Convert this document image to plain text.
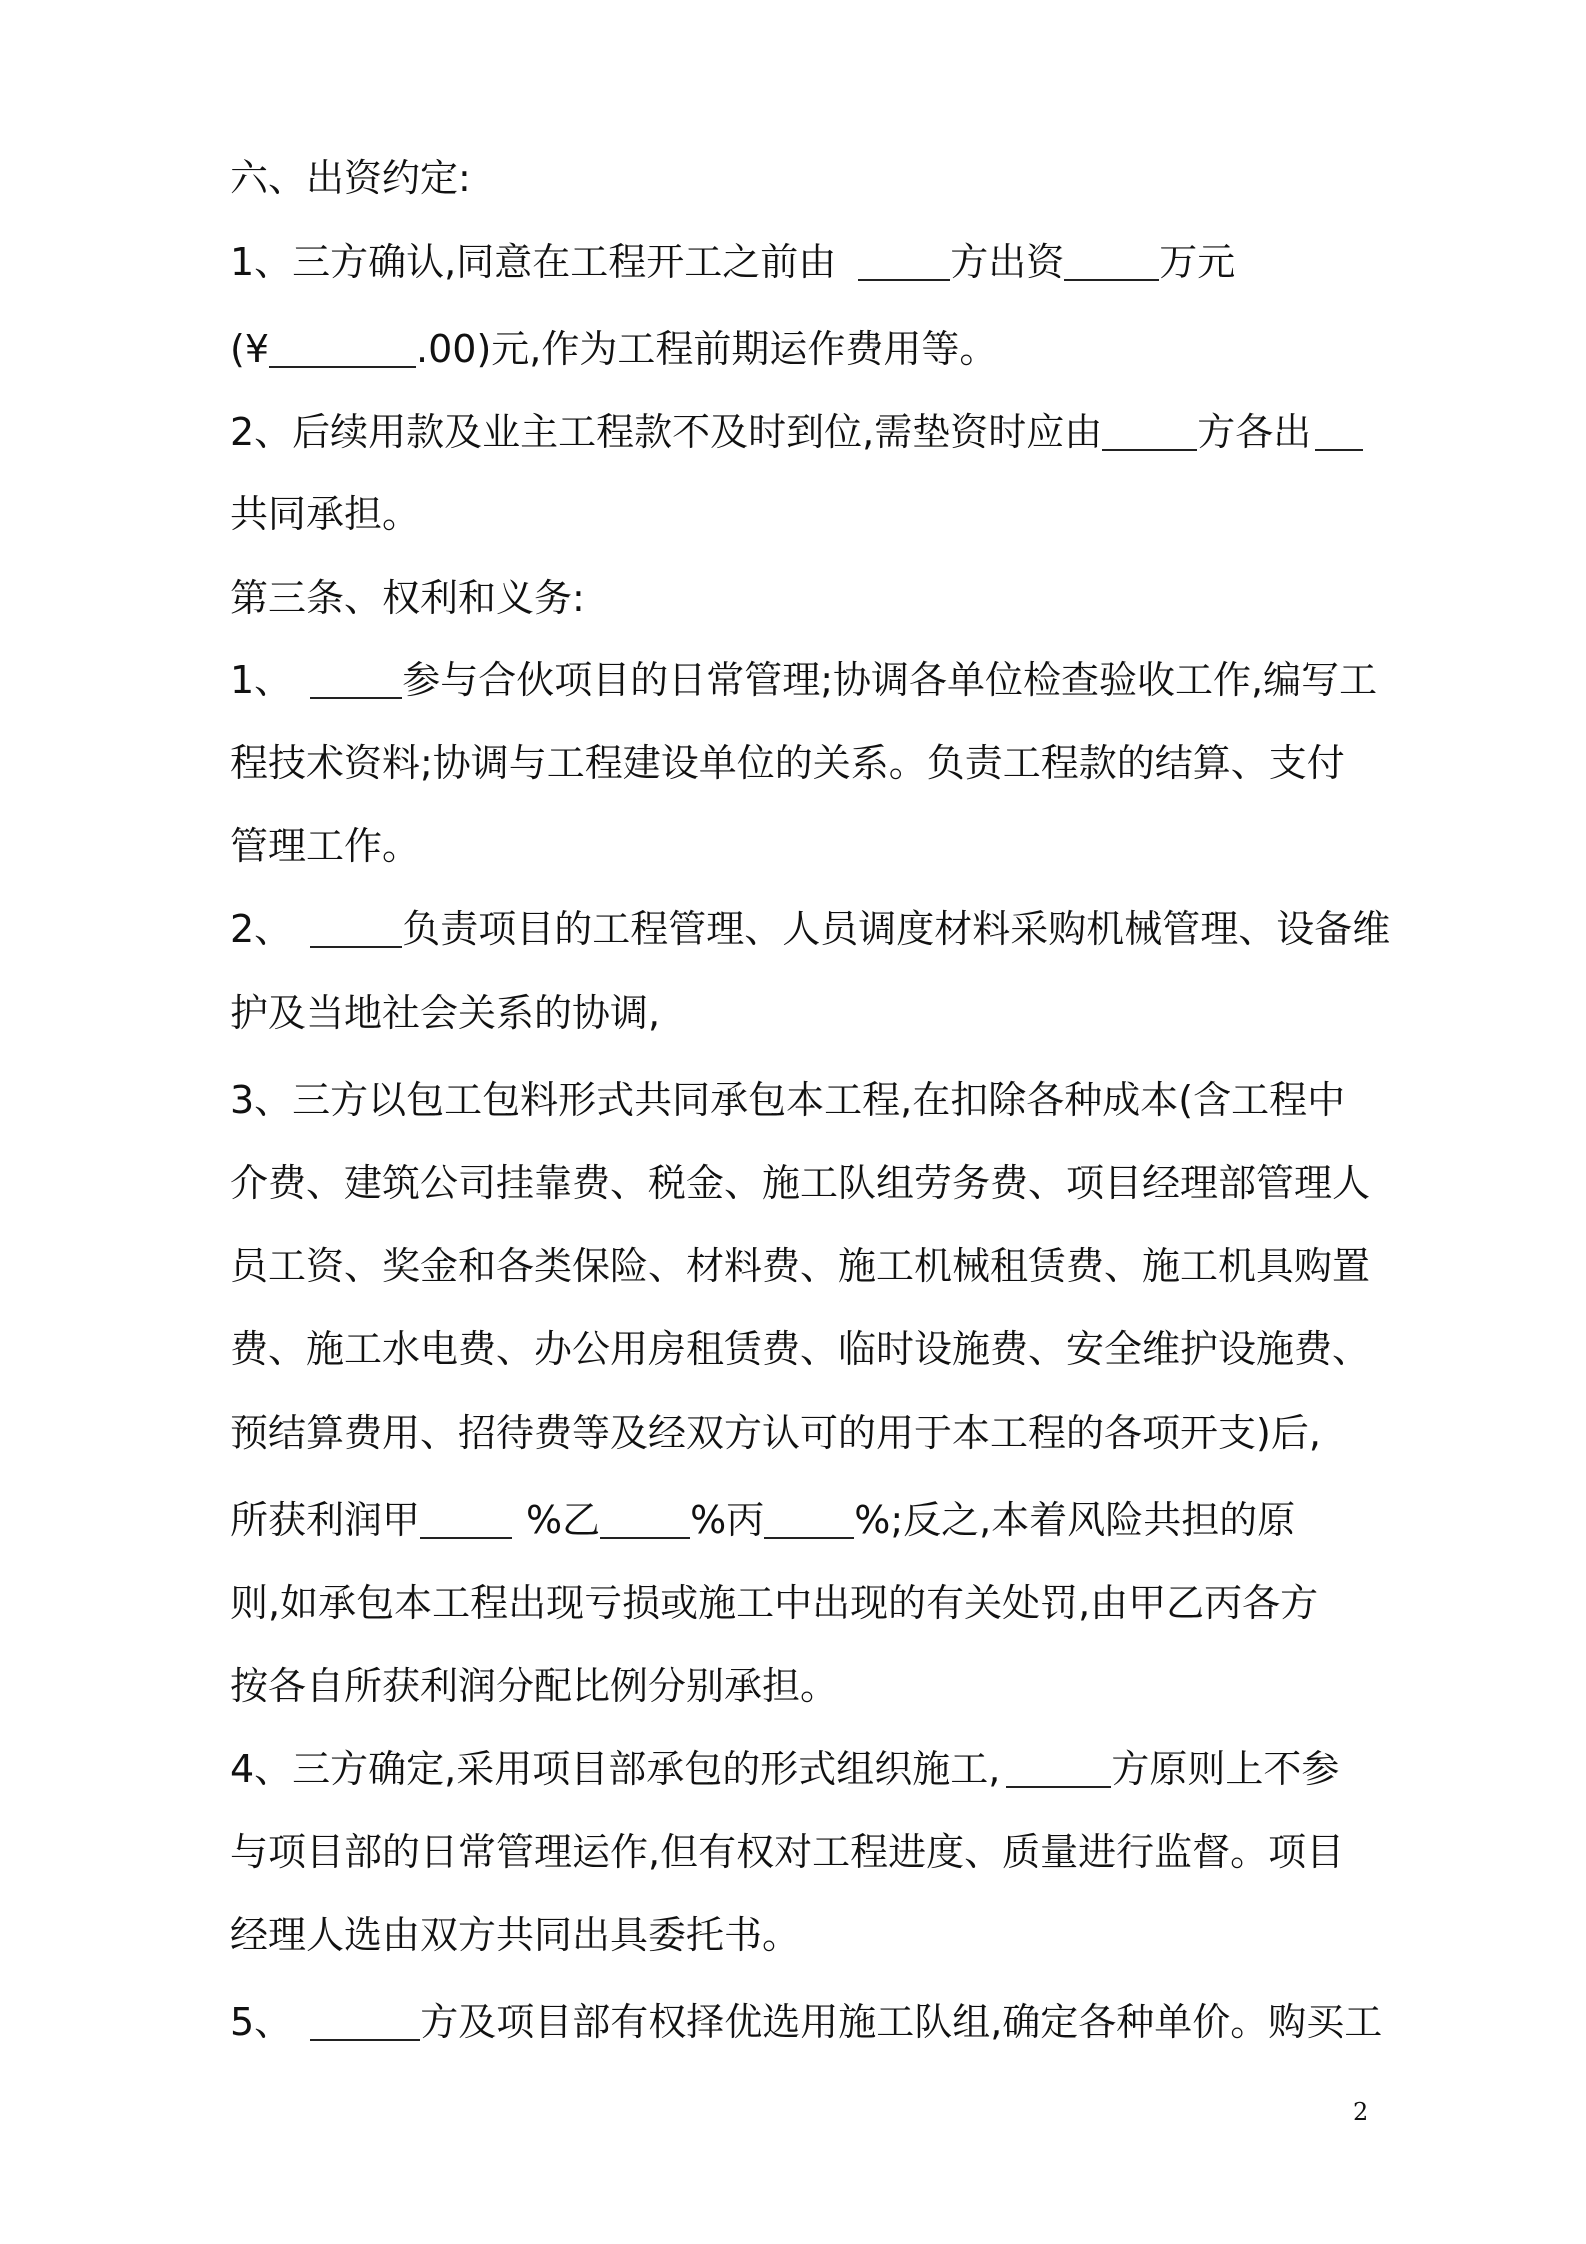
六、出资约定:
1、三方确认,同意在工程开工之前由	方出资	万元
(¥	.00)元,作为工程前期运作费用等。
2、后续用款及业主工程款不及时到位,需垫资时应由	方各出
共同承担。
第三条、权利和义务:
1、	参与合伙项目的日常管理;协调各单位检查验收工作,编写工
程技术资料;协调与工程建设单位的关系。负责工程款的结算、支付
管理工作。
2、	负责项目的工程管理、人员调度材料采购机械管理、设备维
护及当地社会关系的协调,
3、三方以包工包料形式共同承包本工程,在扣除各种成本(含工程中
介费、建筑公司挂靠费、税金、施工队组劳务费、项目经理部管理人
员工资、奖金和各类保险、材料费、施工机械租赁费、施工机具购置
费、施工水电费、办公用房租赁费、临时设施费、安全维护设施费、
预结算费用、招待费等及经双方认可的用于本工程的各项开支)后,
所获利润甲	%乙 %丙 %;反之,本着风险共担的原
则,如承包本工程出现亏损或施工中出现的有关处罚,由甲乙丙各方
按各自所获利润分配比例分别承担。
4、三方确定,采用项目部承包的形式组织施工,	方原则上不参
与项目部的日常管理运作,但有权对工程进度、质量进行监督。项目
经理人选由双方共同出具委托书。
5、	方及项目部有权择优选用施工队组,确定各种单价。购买工
2
